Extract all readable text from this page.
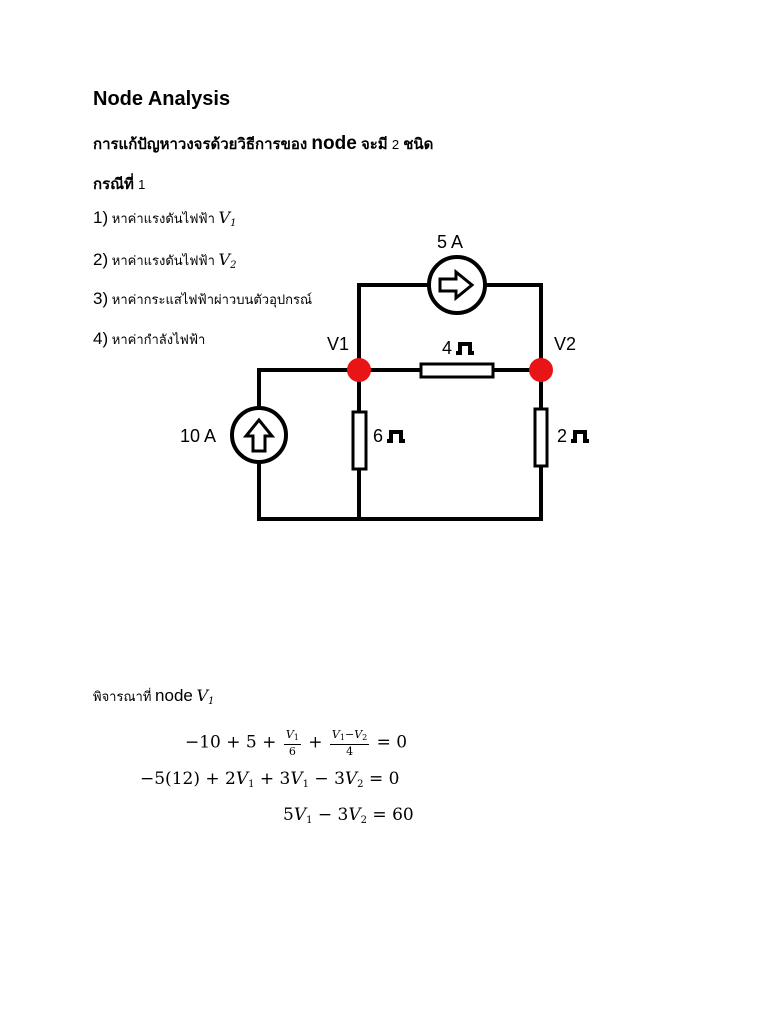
Node Analysis
การแก้ปัญหาวงจรด้วยวิธีการของ node จะมี 2 ชนิด
กรณีที่ 1
1) หาค่าแรงดันไฟฟ้า $V_1$
2) หาค่าแรงดันไฟฟ้า $V_2$
3) หาค่ากระแสไฟฟ้าผ่าวบนตัวอุปกรณ์
4) หาค่ากำลังไฟฟ้า
5 A
10 A
V1	V2
4
6	2
พิจารณาที่ node $V_1$
$-10 + 5 + \frac{V_1}{6} + \frac{V_1-V_2}{4} = 0$
$-5(12) + 2V_1 + 3V_1 - 3V_2 = 0$
$5V_1 - 3V_2 = 60$
